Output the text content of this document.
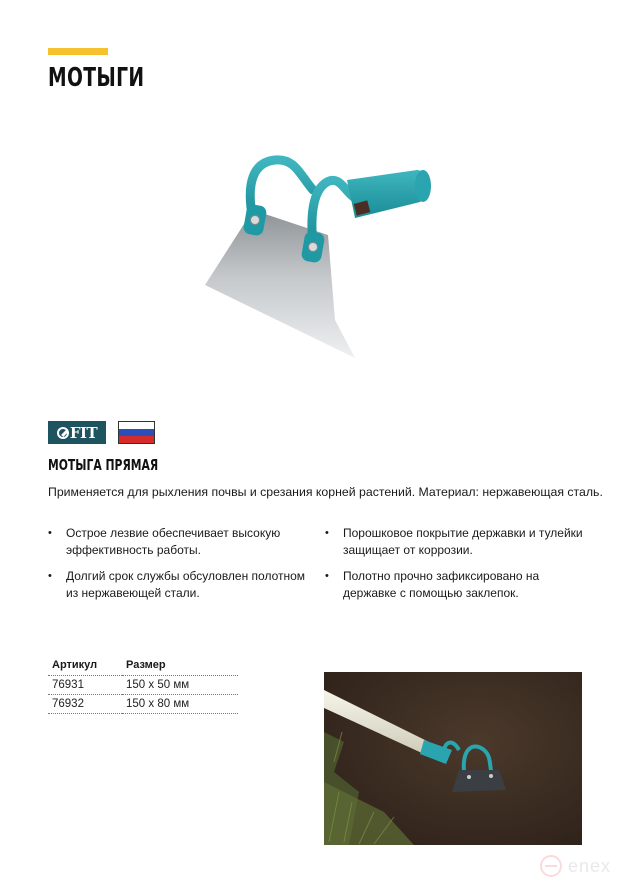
МОТЫГИ
FIT
МОТЫГА ПРЯМАЯ
Применяется для рыхления почвы и срезания корней растений. Материал: нержавеющая сталь.
• Острое лезвие обеспечивает высокую эффективность работы.
• Долгий срок службы обсуловлен полотном из нержавеющей стали.
• Порошковое покрытие державки и тулейки защищает от коррозии.
• Полотно прочно зафиксировано на державке с помощью заклепок.
Артикул	Размер
76931	150 x 50 мм
76932	150 x 80 мм
enex
